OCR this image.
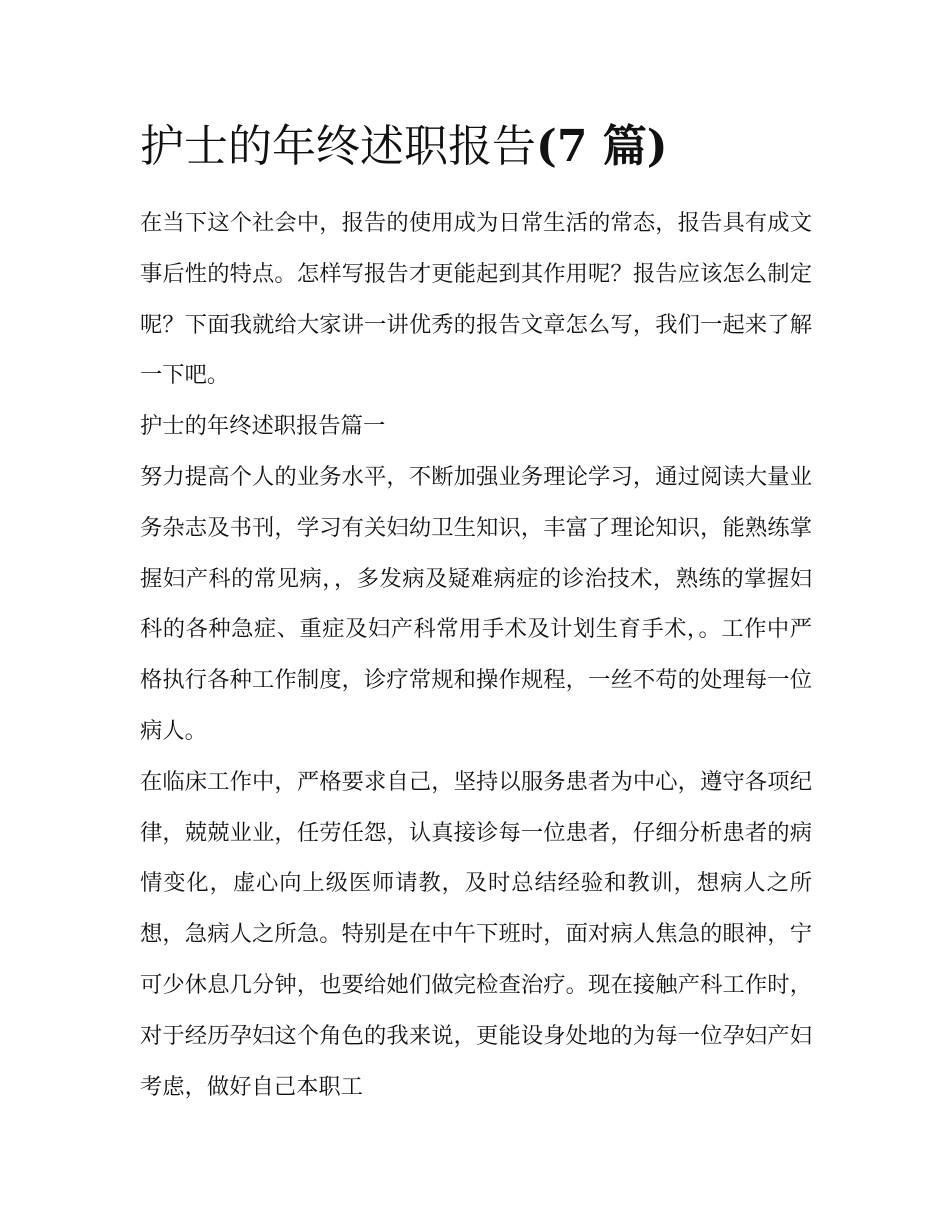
护士的年终述职报告(7 篇)

在当下这个社会中，报告的使用成为日常生活的常态，报告具有成文事后性的特点。怎样写报告才更能起到其作用呢？报告应该怎么制定呢？下面我就给大家讲一讲优秀的报告文章怎么写，我们一起来了解一下吧。

护士的年终述职报告篇一

努力提高个人的业务水平，不断加强业务理论学习，通过阅读大量业务杂志及书刊，学习有关妇幼卫生知识，丰富了理论知识，能熟练掌握妇产科的常见病，，多发病及疑难病症的诊治技术，熟练的掌握妇科的各种急症、重症及妇产科常用手术及计划生育手术，。工作中严格执行各种工作制度，诊疗常规和操作规程，一丝不苟的处理每一位病人。

在临床工作中，严格要求自己，坚持以服务患者为中心，遵守各项纪律，兢兢业业，任劳任怨，认真接诊每一位患者，仔细分析患者的病情变化，虚心向上级医师请教，及时总结经验和教训，想病人之所想，急病人之所急。特别是在中午下班时，面对病人焦急的眼神，宁可少休息几分钟，也要给她们做完检查治疗。现在接触产科工作时，对于经历孕妇这个角色的我来说，更能设身处地的为每一位孕妇产妇考虑，做好自己本职工
